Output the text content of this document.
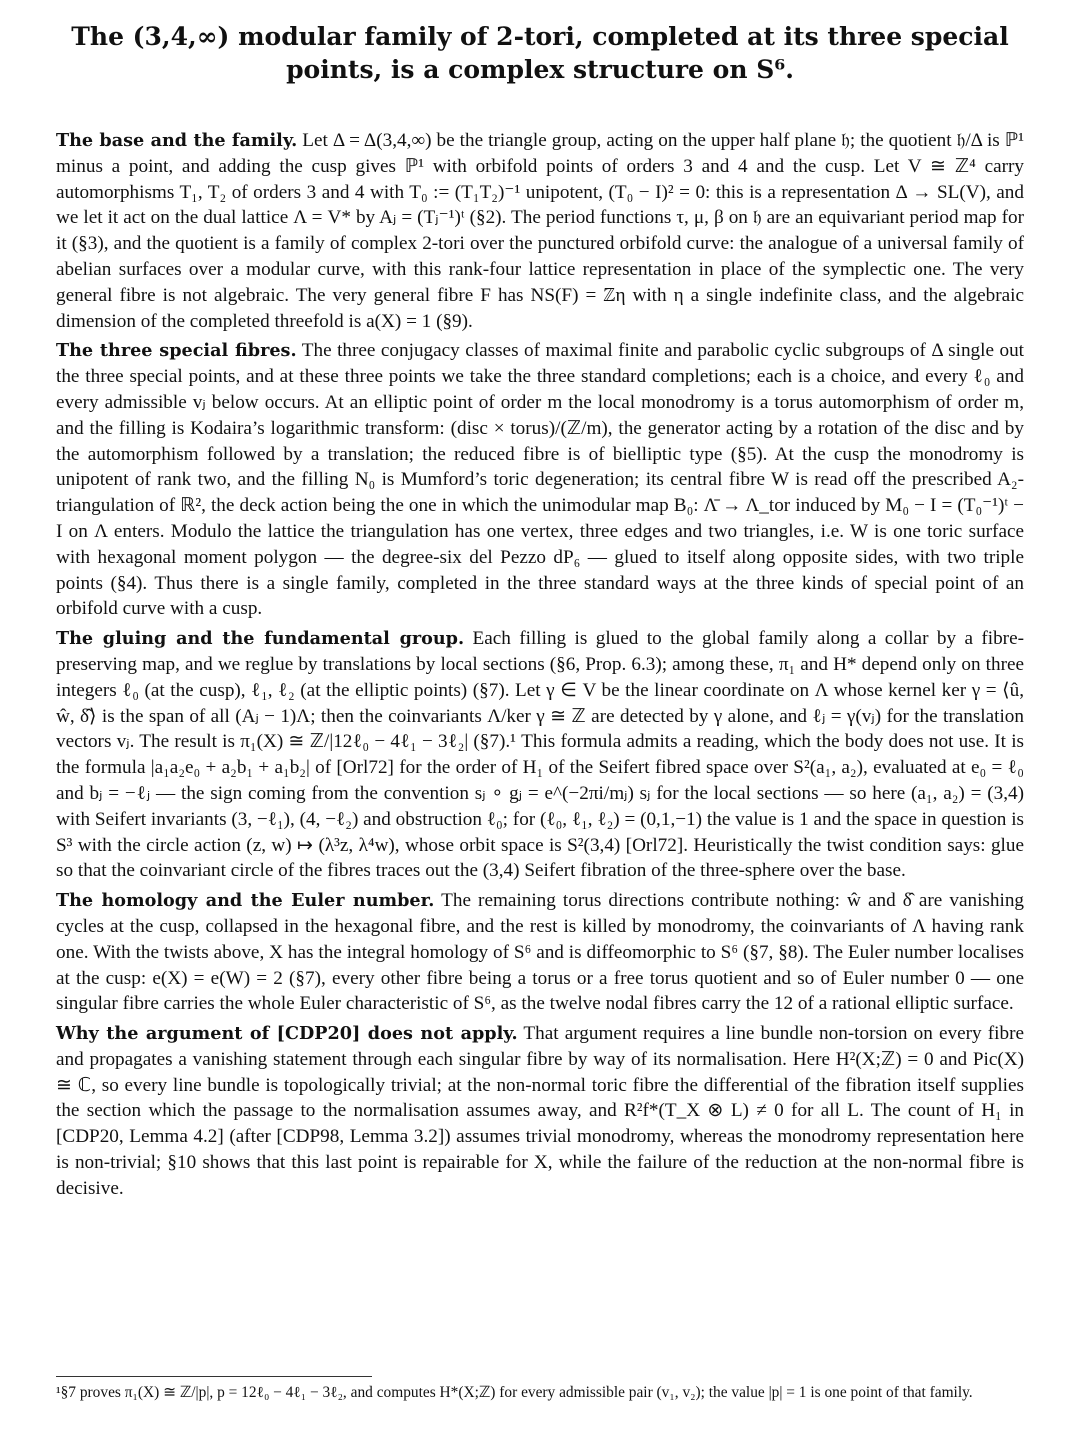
The (3,4,∞) modular family of 2-tori, completed at its three special points, is a complex structure on S⁶.

The base and the family. Let Δ = Δ(3,4,∞) be the triangle group, acting on the upper half plane 𝔥; the quotient 𝔥/Δ is ℙ¹ minus a point, and adding the cusp gives ℙ¹ with orbifold points of orders 3 and 4 and the cusp. Let V ≅ ℤ⁴ carry automorphisms T₁, T₂ of orders 3 and 4 with T₀ := (T₁T₂)⁻¹ unipotent, (T₀ − I)² = 0: this is a representation Δ → SL(V), and we let it act on the dual lattice Λ = V* by Aⱼ = (Tⱼ⁻¹)ᵗ (§2). The period functions τ, μ, β on 𝔥 are an equivariant period map for it (§3), and the quotient is a family of complex 2-tori over the punctured orbifold curve: the analogue of a universal family of abelian surfaces over a modular curve, with this rank-four lattice representation in place of the symplectic one. The very general fibre is not algebraic. The very general fibre F has NS(F) = ℤη with η a single indefinite class, and the algebraic dimension of the completed threefold is a(X) = 1 (§9).

The three special fibres. The three conjugacy classes of maximal finite and parabolic cyclic subgroups of Δ single out the three special points, and at these three points we take the three standard completions; each is a choice, and every ℓ₀ and every admissible vⱼ below occurs. At an elliptic point of order m the local monodromy is a torus automorphism of order m, and the filling is Kodaira’s logarithmic transform: (disc × torus)/(ℤ/m), the generator acting by a rotation of the disc and by the automorphism followed by a translation; the reduced fibre is of bielliptic type (§5). At the cusp the monodromy is unipotent of rank two, and the filling N₀ is Mumford’s toric degeneration; its central fibre W is read off the prescribed A₂-triangulation of ℝ², the deck action being the one in which the unimodular map B₀: Λ̄ → Λ_tor induced by M₀ − I = (T₀⁻¹)ᵗ − I on Λ enters. Modulo the lattice the triangulation has one vertex, three edges and two triangles, i.e. W is one toric surface with hexagonal moment polygon — the degree-six del Pezzo dP₆ — glued to itself along opposite sides, with two triple points (§4). Thus there is a single family, completed in the three standard ways at the three kinds of special point of an orbifold curve with a cusp.

The gluing and the fundamental group. Each filling is glued to the global family along a collar by a fibre-preserving map, and we reglue by translations by local sections (§6, Prop. 6.3); among these, π₁ and H* depend only on three integers ℓ₀ (at the cusp), ℓ₁, ℓ₂ (at the elliptic points) (§7). Let γ ∈ V be the linear coordinate on Λ whose kernel ker γ = ⟨û, ŵ, δ̂⟩ is the span of all (Aⱼ − 1)Λ; then the coinvariants Λ/ker γ ≅ ℤ are detected by γ alone, and ℓⱼ = γ(vⱼ) for the translation vectors vⱼ. The result is π₁(X) ≅ ℤ/|12ℓ₀ − 4ℓ₁ − 3ℓ₂| (§7).¹ This formula admits a reading, which the body does not use. It is the formula |a₁a₂e₀ + a₂b₁ + a₁b₂| of [Orl72] for the order of H₁ of the Seifert fibred space over S²(a₁, a₂), evaluated at e₀ = ℓ₀ and bⱼ = −ℓⱼ — the sign coming from the convention sⱼ ∘ gⱼ = e^(−2πi/mⱼ) sⱼ for the local sections — so here (a₁, a₂) = (3,4) with Seifert invariants (3, −ℓ₁), (4, −ℓ₂) and obstruction ℓ₀; for (ℓ₀, ℓ₁, ℓ₂) = (0,1,−1) the value is 1 and the space in question is S³ with the circle action (z, w) ↦ (λ³z, λ⁴w), whose orbit space is S²(3,4) [Orl72]. Heuristically the twist condition says: glue so that the coinvariant circle of the fibres traces out the (3,4) Seifert fibration of the three-sphere over the base.

The homology and the Euler number. The remaining torus directions contribute nothing: ŵ and δ̂ are vanishing cycles at the cusp, collapsed in the hexagonal fibre, and the rest is killed by monodromy, the coinvariants of Λ having rank one. With the twists above, X has the integral homology of S⁶ and is diffeomorphic to S⁶ (§7, §8). The Euler number localises at the cusp: e(X) = e(W) = 2 (§7), every other fibre being a torus or a free torus quotient and so of Euler number 0 — one singular fibre carries the whole Euler characteristic of S⁶, as the twelve nodal fibres carry the 12 of a rational elliptic surface.

Why the argument of [CDP20] does not apply. That argument requires a line bundle non-torsion on every fibre and propagates a vanishing statement through each singular fibre by way of its normalisation. Here H²(X;ℤ) = 0 and Pic(X) ≅ ℂ, so every line bundle is topologically trivial; at the non-normal toric fibre the differential of the fibration itself supplies the section which the passage to the normalisation assumes away, and R²f*(T_X ⊗ L) ≠ 0 for all L. The count of H₁ in [CDP20, Lemma 4.2] (after [CDP98, Lemma 3.2]) assumes trivial monodromy, whereas the monodromy representation here is non-trivial; §10 shows that this last point is repairable for X, while the failure of the reduction at the non-normal fibre is decisive.

¹§7 proves π₁(X) ≅ ℤ/|p|, p = 12ℓ₀ − 4ℓ₁ − 3ℓ₂, and computes H*(X;ℤ) for every admissible pair (v₁, v₂); the value |p| = 1 is one point of that family.
